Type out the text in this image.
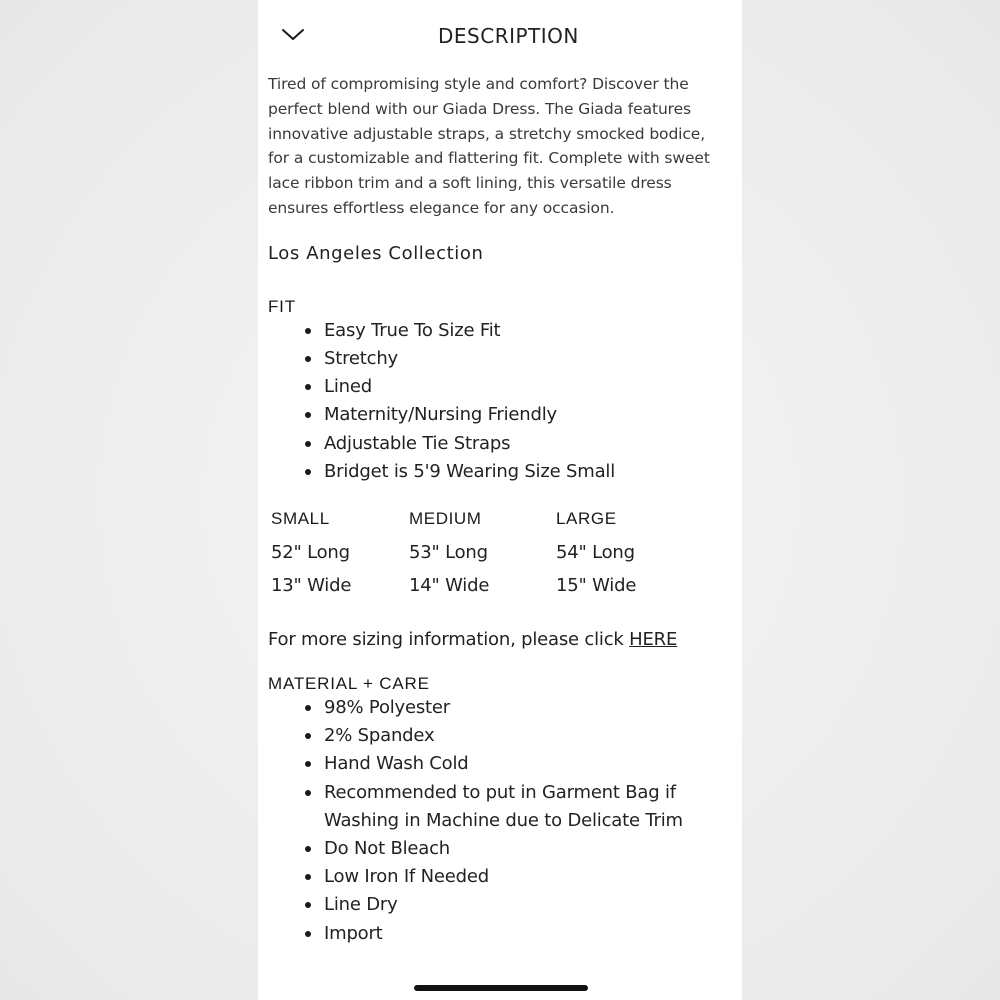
DESCRIPTION

Tired of compromising style and comfort? Discover the
perfect blend with our Giada Dress. The Giada features
innovative adjustable straps, a stretchy smocked bodice,
for a customizable and flattering fit. Complete with sweet
lace ribbon trim and a soft lining, this versatile dress
ensures effortless elegance for any occasion.

Los Angeles Collection
FIT
Easy True To Size Fit
Stretchy
Lined
Maternity/Nursing Friendly
Adjustable Tie Straps
Bridget is 5'9 Wearing Size Small
SMALL
52" Long
13" Wide
MEDIUM
53" Long
14" Wide
LARGE
54" Long
15" Wide
For more sizing information, please click HERE
MATERIAL + CARE
98% Polyester
2% Spandex
Hand Wash Cold
Recommended to put in Garment Bag if
Washing in Machine due to Delicate Trim
Do Not Bleach
Low Iron If Needed
Line Dry
Import
